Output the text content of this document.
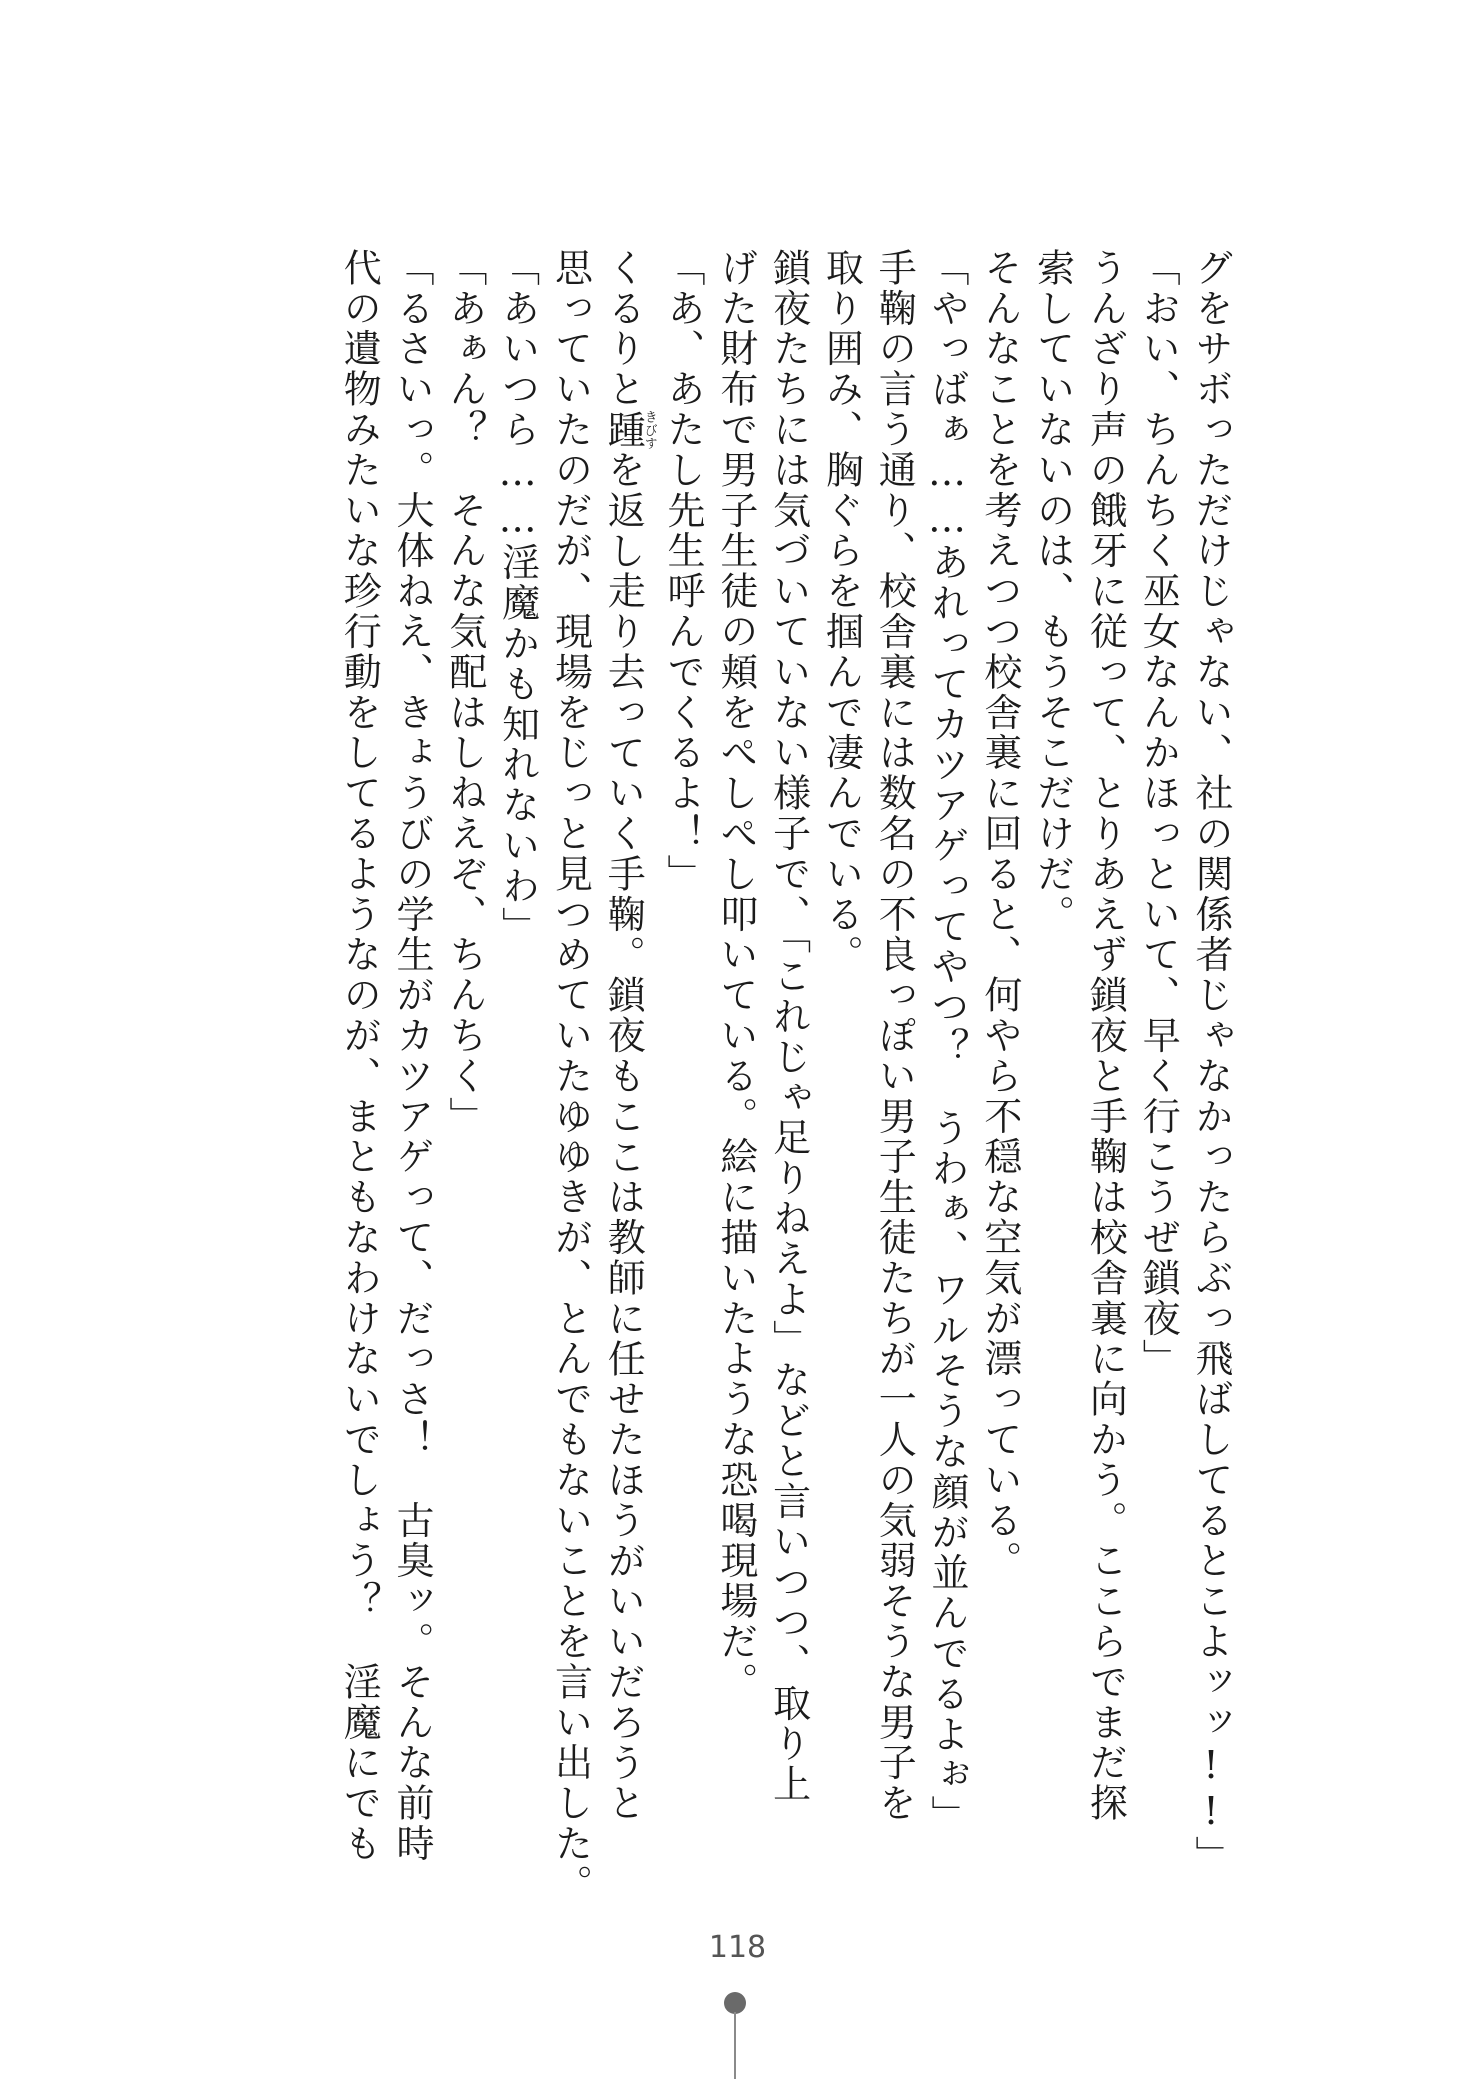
グをサボっただけじゃない、社の関係者じゃなかったらぶっ飛ばしてるとこよッッ!!」

「おい、ちんちく巫女なんかほっといて、早く行こうぜ鎖夜」

うんざり声の餓牙に従って、とりあえず鎖夜と手鞠は校舎裏に向かう。ここらでまだ探

索していないのは、もうそこだけだ。

そんなことを考えつつ校舎裏に回ると、何やら不穏な空気が漂っている。

「やっばぁ……あれってカツアゲってやつ？　うわぁ、ワルそうな顔が並んでるよぉ」

手鞠の言う通り、校舎裏には数名の不良っぽい男子生徒たちが一人の気弱そうな男子を

取り囲み、胸ぐらを掴んで凄んでいる。

鎖夜たちには気づいていない様子で、「これじゃ足りねえよ」などと言いつつ、取り上

げた財布で男子生徒の頬をぺしぺし叩いている。絵に描いたような恐喝現場だ。

「あ、あたし先生呼んでくるよ！」

くるりと踵きびすを返し走り去っていく手鞠。鎖夜もここは教師に任せたほうがいいだろうと

思っていたのだが、現場をじっと見つめていたゆゆきが、とんでもないことを言い出した。

「あいつら……淫魔かも知れないわ」

「あぁん？　そんな気配はしねえぞ、ちんちく」

「るさいっ。大体ねえ、きょうびの学生がカツアゲって、だっさ！　古臭ッ。そんな前時

代の遺物みたいな珍行動をしてるようなのが、まともなわけないでしょう？　淫魔にでも

118
